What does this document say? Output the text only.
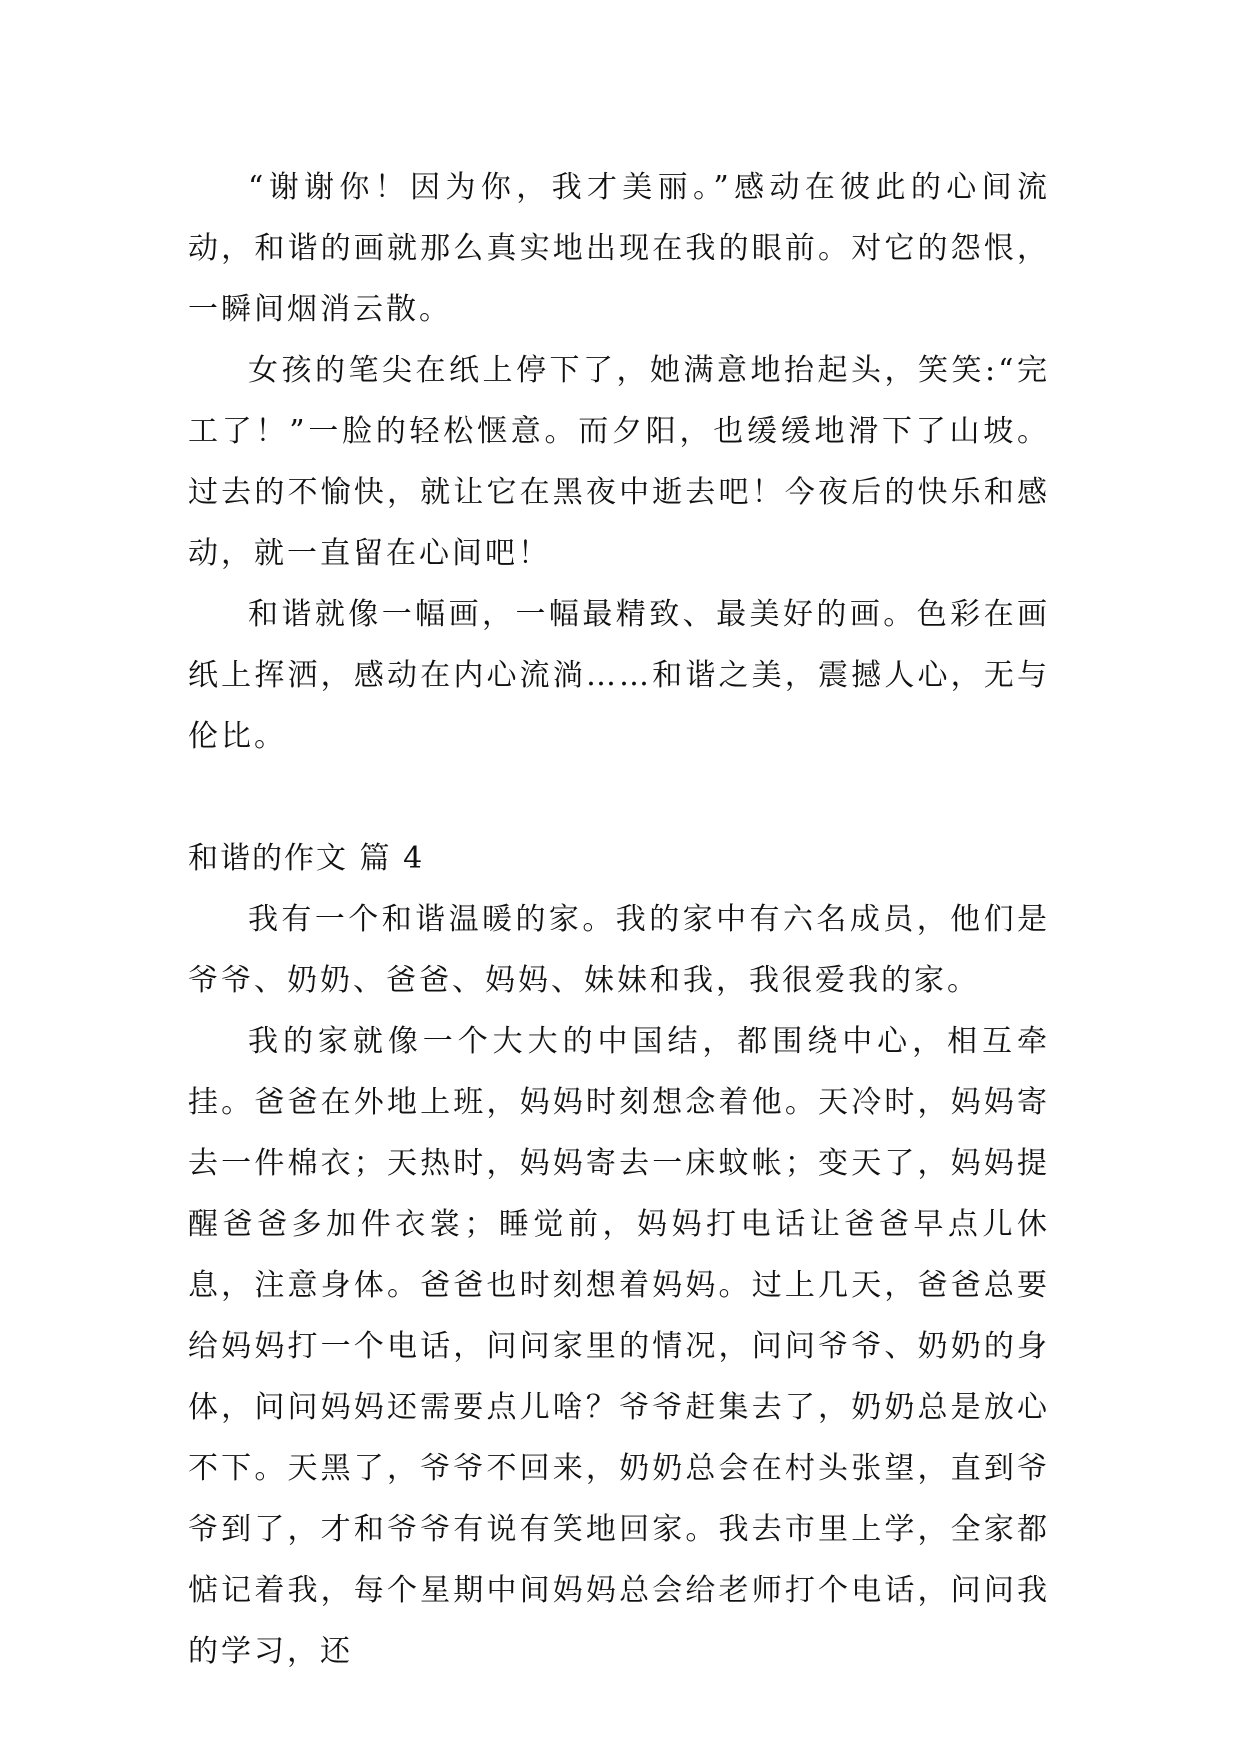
“谢谢你！因为你，我才美丽。”感动在彼此的心间流动，和谐的画就那么真实地出现在我的眼前。对它的怨恨，一瞬间烟消云散。

女孩的笔尖在纸上停下了，她满意地抬起头，笑笑:“完工了！”一脸的轻松惬意。而夕阳，也缓缓地滑下了山坡。过去的不愉快，就让它在黑夜中逝去吧！今夜后的快乐和感动，就一直留在心间吧！

和谐就像一幅画，一幅最精致、最美好的画。色彩在画纸上挥洒，感动在内心流淌……和谐之美，震撼人心，无与伦比。

和谐的作文 篇 4

我有一个和谐温暖的家。我的家中有六名成员，他们是爷爷、奶奶、爸爸、妈妈、妹妹和我，我很爱我的家。

我的家就像一个大大的中国结，都围绕中心，相互牵挂。爸爸在外地上班，妈妈时刻想念着他。天冷时，妈妈寄去一件棉衣；天热时，妈妈寄去一床蚊帐；变天了，妈妈提醒爸爸多加件衣裳；睡觉前，妈妈打电话让爸爸早点儿休息，注意身体。爸爸也时刻想着妈妈。过上几天，爸爸总要给妈妈打一个电话，问问家里的情况，问问爷爷、奶奶的身体，问问妈妈还需要点儿啥？爷爷赶集去了，奶奶总是放心不下。天黑了，爷爷不回来，奶奶总会在村头张望，直到爷爷到了，才和爷爷有说有笑地回家。我去市里上学，全家都惦记着我，每个星期中间妈妈总会给老师打个电话，问问我的学习，还
